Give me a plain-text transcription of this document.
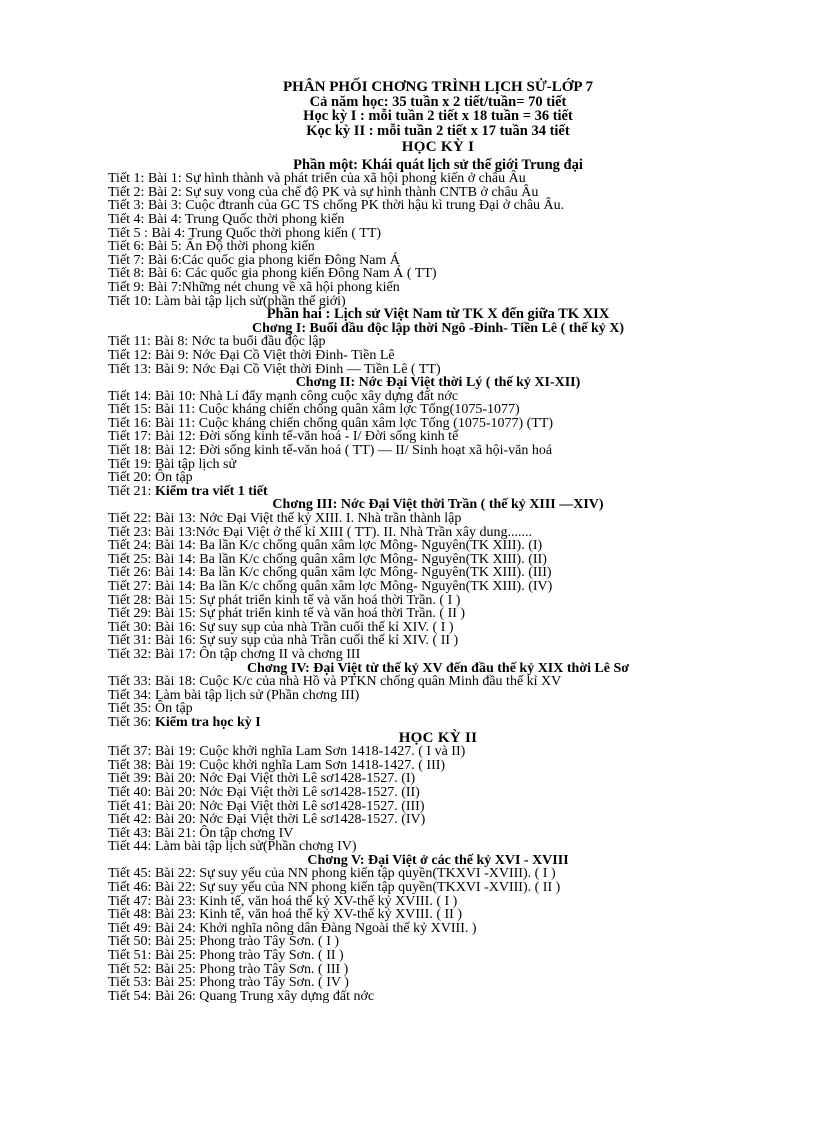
PHÂN PHỐI CHƠNG TRÌNH LỊCH SỬ-LỚP 7
Cả năm học: 35 tuần x 2 tiết/tuần= 70 tiết
Học kỳ I : mỗi tuần 2 tiết x 18 tuần = 36 tiết
Kọc kỳ II : mỗi tuần 2 tiết x 17 tuần 34 tiết
HỌC KỲ I
Phần một: Khái quát lịch sử thế giới Trung đại
Tiết 1: Bài 1: Sự hình thành và phát triển của xã hội phong kiến ở châu Âu
Tiết 2: Bài 2: Sự suy vong của chế độ PK và sự hình thành CNTB ở châu Âu
Tiết 3: Bài 3: Cuộc đtranh của GC TS chống PK thời hậu kì trung Đại ở châu Âu.
Tiết 4: Bài 4: Trung Quốc thời phong kiến
Tiết 5 : Bài 4: Trung Quốc thời phong kiến ( TT)
Tiết 6: Bài 5: Ấn Độ thời phong kiến
Tiết 7: Bài 6:Các quốc gia phong kiến Đông Nam Á
Tiết 8: Bài 6: Các quốc gia phong kiến Đông Nam Á ( TT)
Tiết 9: Bài 7:Những nét chung về xã hội phong kiến
Tiết 10: Làm bài tập lịch sử(phần thế giới)
Phần hai : Lịch sử Việt Nam từ TK X đến giữa TK XIX
Chơng I: Buổi đầu độc lập thời Ngô -Đinh- Tiền Lê ( thế kỷ X)
Tiết 11: Bài 8: Nớc ta buổi đầu độc lập
Tiết 12: Bài 9: Nớc Đại Cồ Việt thời Đinh- Tiền Lê
Tiết 13: Bài 9: Nớc Đại Cồ Việt thời Đinh — Tiền Lê ( TT)
Chơng II: Nớc Đại Việt thời Lý ( thế kỷ XI-XII)
Tiết 14: Bài 10: Nhà Lí đẩy mạnh công cuộc xây dựng đất nớc
Tiết 15: Bài 11: Cuộc kháng chiến chống quân xâm lợc Tống(1075-1077)
Tiết 16: Bài 11: Cuộc kháng chiến chống quân xâm lợc Tống (1075-1077) (TT)
Tiết 17: Bài 12: Đời sống kinh tế-văn hoá - I/ Đời sống kinh tế
Tiết 18: Bài 12: Đời sống kinh tế-văn hoá ( TT) — II/ Sinh hoạt xã hội-văn hoá
Tiết 19: Bài tập lịch sử
Tiết 20: Ôn tập
Tiết 21: Kiểm tra viết 1 tiết
Chơng III: Nớc Đại Việt thời Trần ( thế kỷ XIII —XIV)
Tiết 22: Bài 13: Nớc Đại Việt thế kỷ XIII. I. Nhà trần thành lập
Tiết 23: Bài 13:Nớc Đại Việt ở thế kỉ XIII ( TT). II. Nhà Trần xây dung.......
Tiết 24: Bài 14: Ba lần K/c chống quân xâm lợc Mông- Nguyên(TK XIII). (I)
Tiết 25: Bài 14: Ba lần K/c chống quân xâm lợc Mông- Nguyên(TK XIII). (II)
Tiết 26: Bài 14: Ba lần K/c chống quân xâm lợc Mông- Nguyên(TK XIII). (III)
Tiết 27: Bài 14: Ba lần K/c chống quân xâm lợc Mông- Nguyên(TK XIII). (IV)
Tiết 28: Bài 15: Sự phát triển kinh tế và văn hoá thời Trần. ( I )
Tiết 29: Bài 15: Sự phát triển kinh tế và văn hoá thời Trần. ( II )
Tiết 30: Bài 16: Sự suy sụp của nhà Trần cuối thế kỉ XIV. ( I )
Tiết 31: Bài 16: Sự suy sụp của nhà Trần cuối thế kỉ XIV. ( II )
Tiết 32: Bài 17: Ôn tập chơng II và chơng III
Chơng IV: Đại Việt từ thế kỷ XV đến đầu thế kỷ XIX thời Lê Sơ
Tiết 33: Bài 18: Cuộc K/c của nhà Hồ và PTKN chống quân Minh đầu thế kỉ XV
Tiết 34: Làm bài tập lịch sử (Phần chơng III)
Tiết 35: Ôn tập
Tiết 36: Kiểm tra học kỳ I
HỌC KỲ II
Tiết 37: Bài 19: Cuộc khởi nghĩa Lam Sơn 1418-1427. ( I và II)
Tiết 38: Bài 19: Cuộc khởi nghĩa Lam Sơn 1418-1427. ( III)
Tiết 39: Bài 20: Nớc Đại Việt thời Lê sơ1428-1527. (I)
Tiết 40: Bài 20: Nớc Đại Việt thời Lê sơ1428-1527. (II)
Tiết 41: Bài 20: Nớc Đại Việt thời Lê sơ1428-1527. (III)
Tiết 42: Bài 20: Nớc Đại Việt thời Lê sơ1428-1527. (IV)
Tiết 43: Bài 21: Ôn tập chơng IV
Tiết 44: Làm bài tập lịch sử(Phần chơng IV)
Chơng V: Đại Việt ở các thế kỷ XVI - XVIII
Tiết 45: Bài 22: Sự suy yếu của NN phong kiến tập quyền(TKXVI -XVIII). ( I )
Tiết 46: Bài 22: Sự suy yếu của NN phong kiến tập quyền(TKXVI -XVIII). ( II )
Tiết 47: Bài 23: Kinh tế, văn hoá thế kỷ XV-thế kỷ XVIII. ( I )
Tiết 48: Bài 23: Kinh tế, văn hoá thế kỷ XV-thế kỷ XVIII. ( II )
Tiết 49: Bài 24: Khởi nghĩa nông dân Đàng Ngoài thế kỷ XVIII. )
Tiết 50: Bài 25: Phong trào Tây Sơn. ( I )
Tiết 51: Bài 25: Phong trào Tây Sơn. ( II )
Tiết 52: Bài 25: Phong trào Tây Sơn. ( III )
Tiết 53: Bài 25: Phong trào Tây Sơn. ( IV )
Tiết 54: Bài 26: Quang Trung xây dựng đất nớc
